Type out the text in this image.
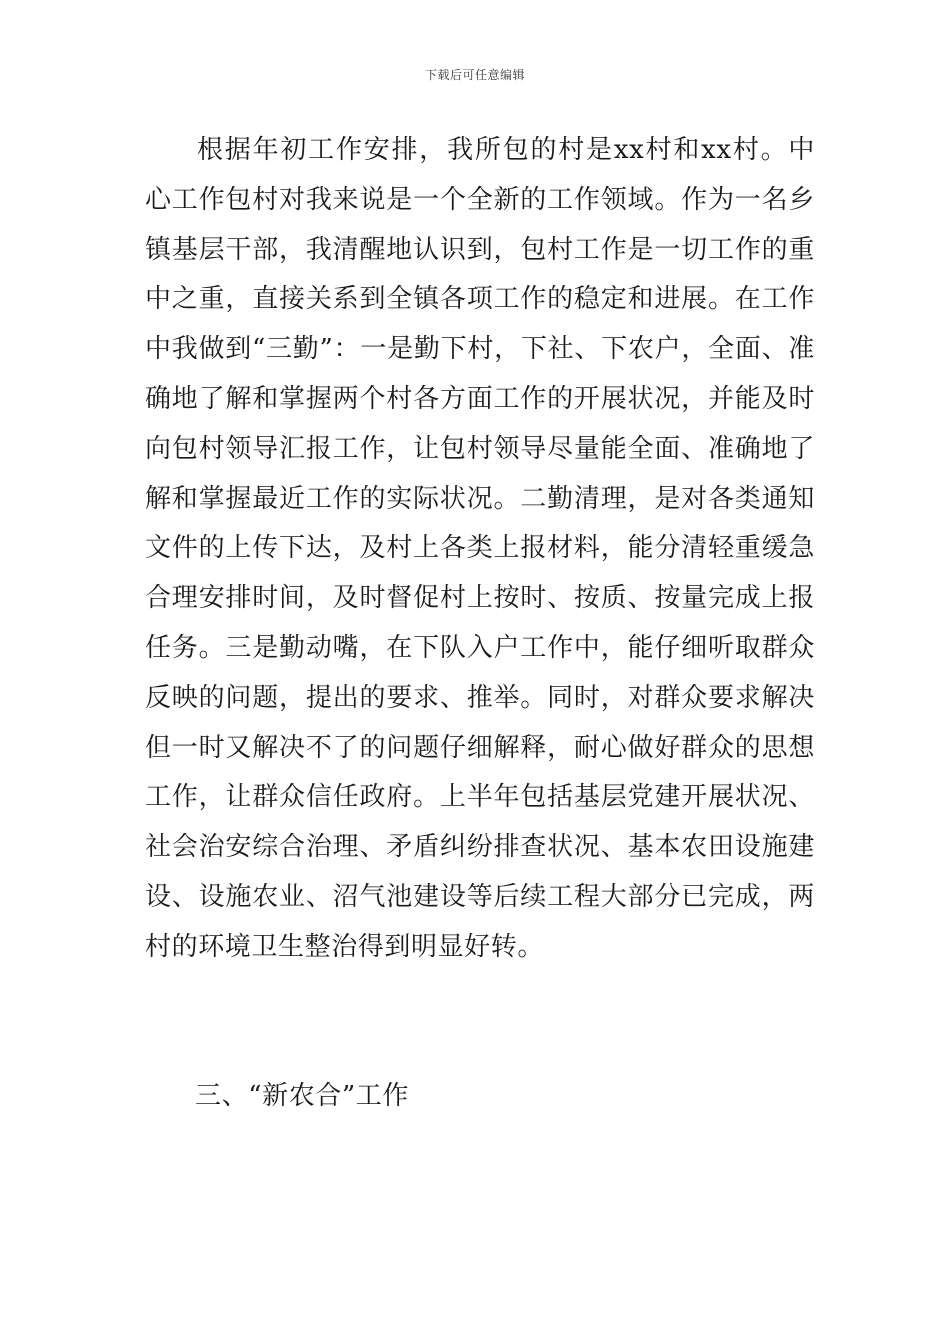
下载后可任意编辑

根据年初工作安排，我所包的村是xx村和xx村。中心工作包村对我来说是一个全新的工作领域。作为一名乡镇基层干部，我清醒地认识到，包村工作是一切工作的重中之重，直接关系到全镇各项工作的稳定和进展。在工作中我做到“三勤”：一是勤下村，下社、下农户，全面、准确地了解和掌握两个村各方面工作的开展状况，并能及时向包村领导汇报工作，让包村领导尽量能全面、准确地了解和掌握最近工作的实际状况。二勤清理，是对各类通知文件的上传下达，及村上各类上报材料，能分清轻重缓急合理安排时间，及时督促村上按时、按质、按量完成上报任务。三是勤动嘴，在下队入户工作中，能仔细听取群众反映的问题，提出的要求、推举。同时，对群众要求解决但一时又解决不了的问题仔细解释，耐心做好群众的思想工作，让群众信任政府。上半年包括基层党建开展状况、社会治安综合治理、矛盾纠纷排查状况、基本农田设施建设、设施农业、沼气池建设等后续工程大部分已完成，两村的环境卫生整治得到明显好转。

三、“新农合”工作
